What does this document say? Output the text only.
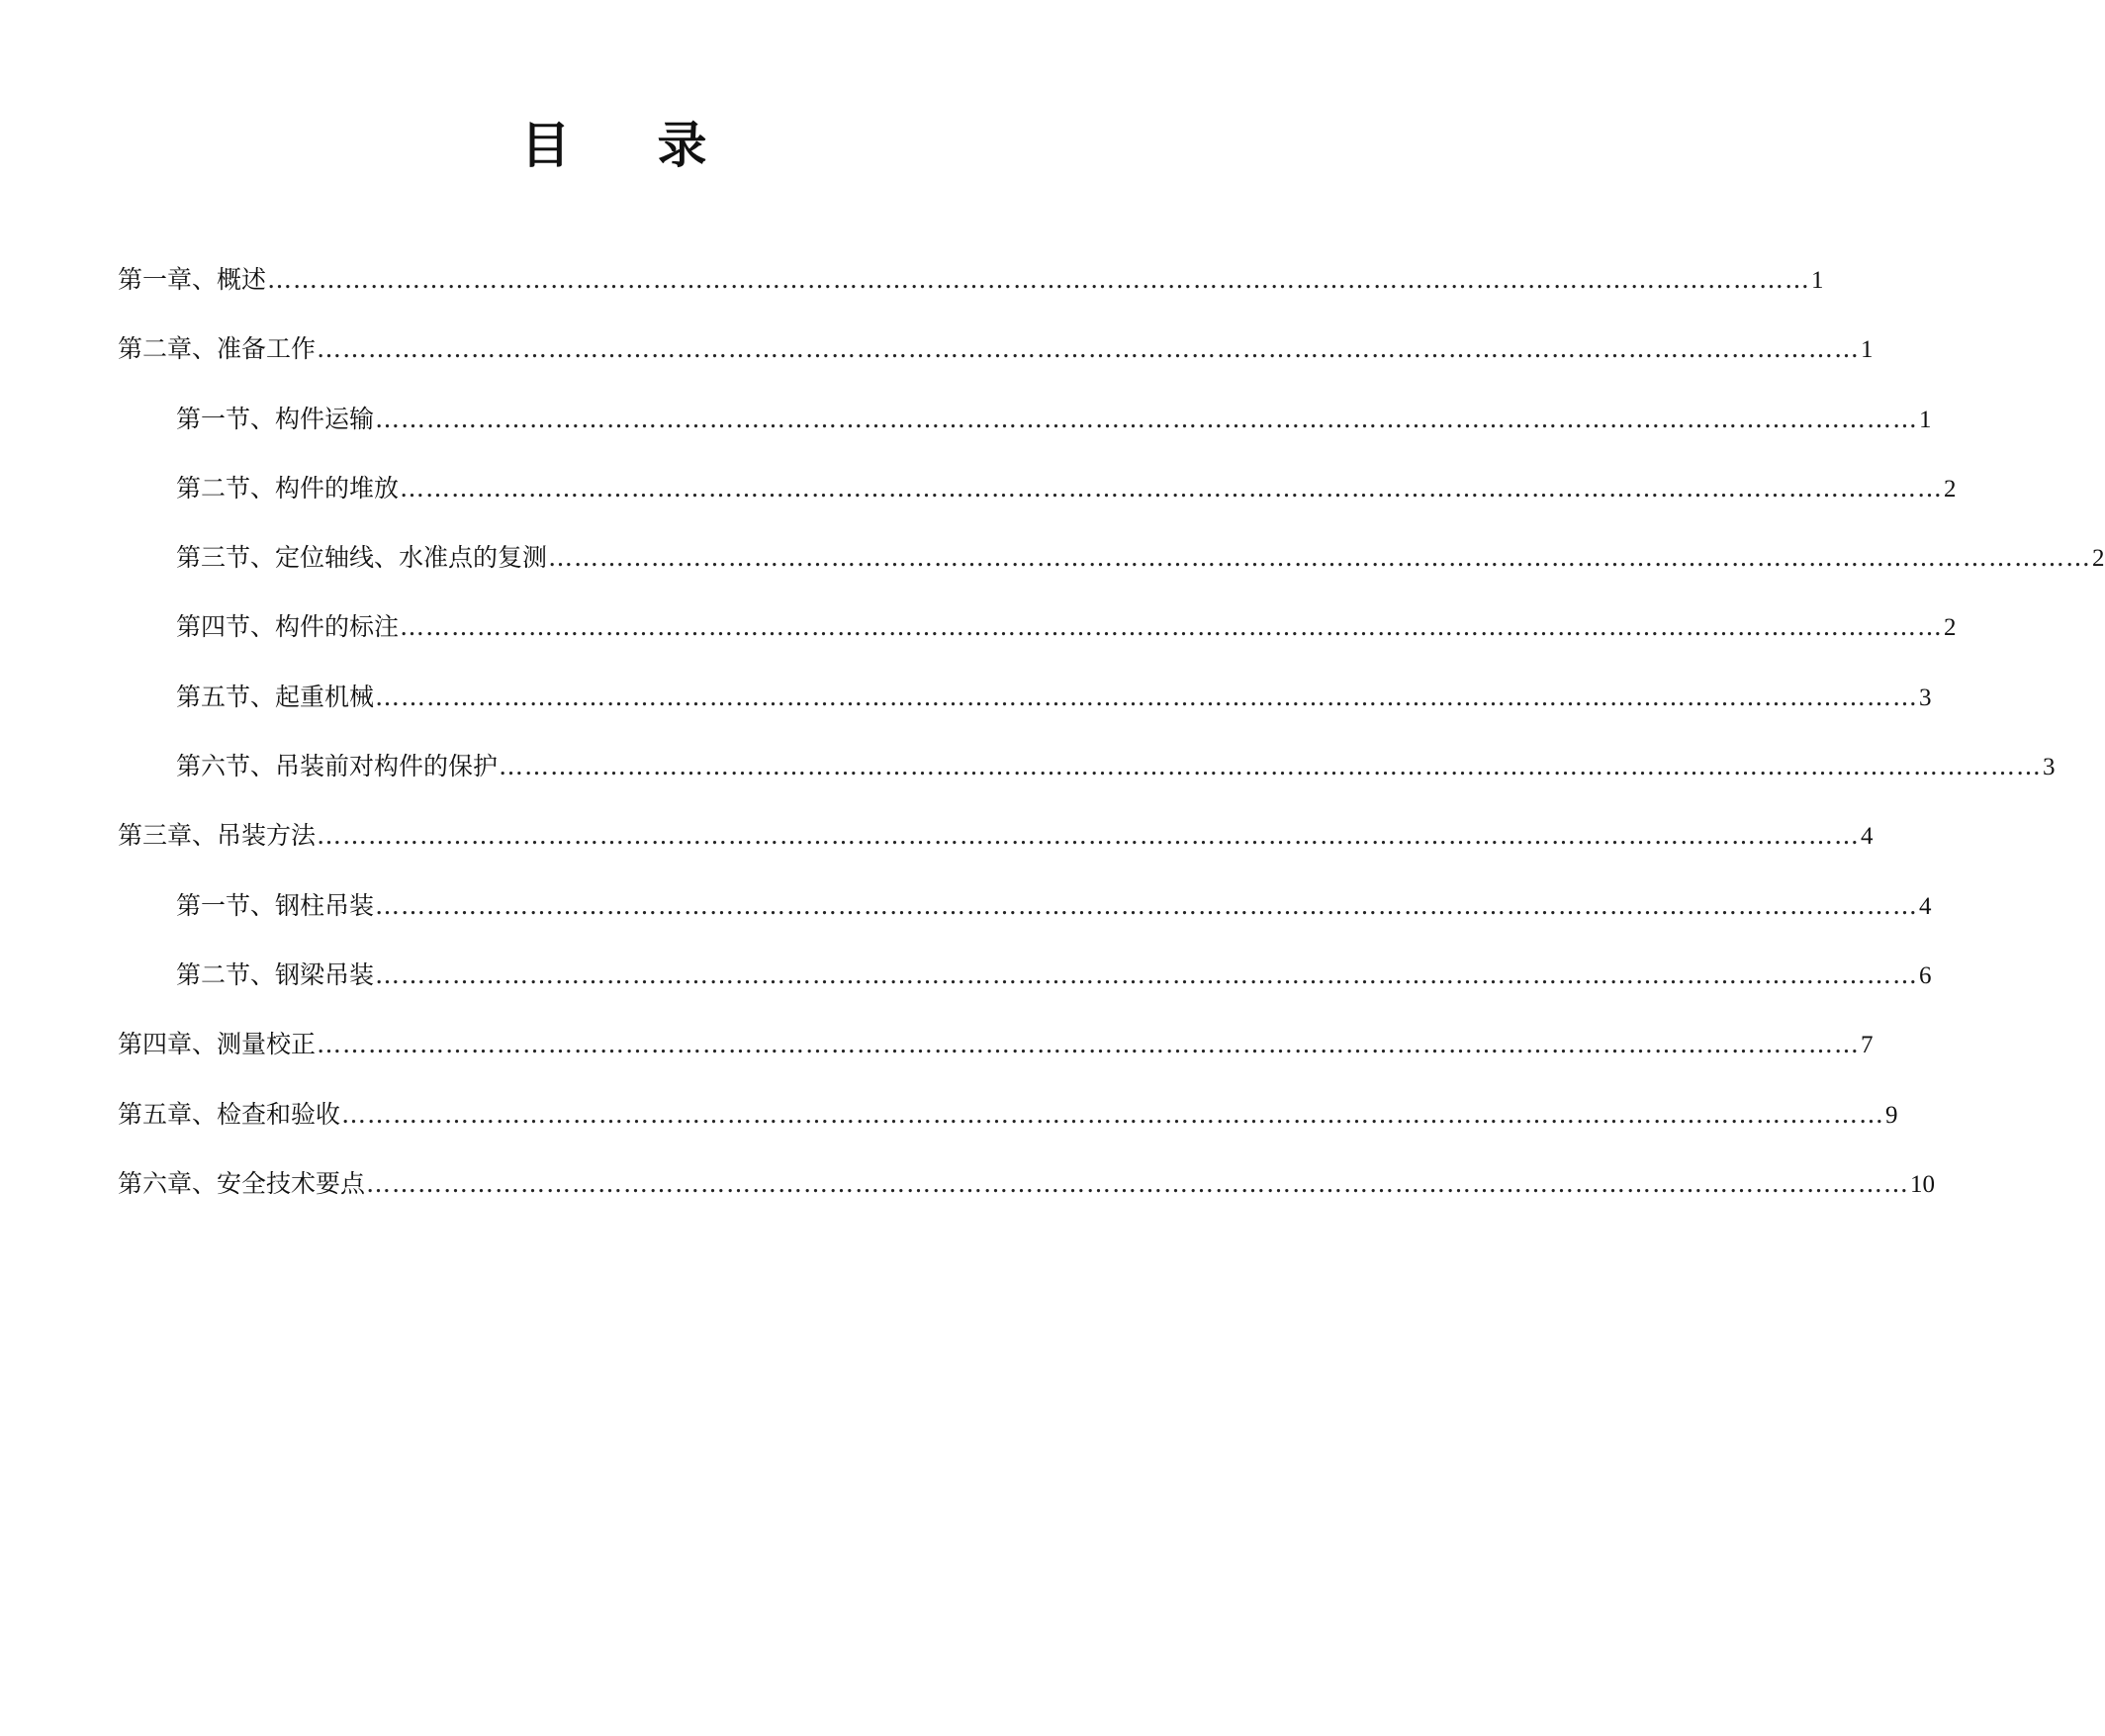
目录
第一章、概述 ……………………………………………………………………………………………………………………………………………………………… 1
第二章、准备工作 ……………………………………………………………………………………………………………………………………………………………… 1
第一节、构件运输 ……………………………………………………………………………………………………………………………………………………………… 1
第二节、构件的堆放 ……………………………………………………………………………………………………………………………………………………………… 2
第三节、定位轴线、水准点的复测 ……………………………………………………………………………………………………………………………………………………………… 2
第四节、构件的标注 ……………………………………………………………………………………………………………………………………………………………… 2
第五节、起重机械 ……………………………………………………………………………………………………………………………………………………………… 3
第六节、吊装前对构件的保护 ……………………………………………………………………………………………………………………………………………………………… 3
第三章、吊装方法 ……………………………………………………………………………………………………………………………………………………………… 4
第一节、钢柱吊装 ……………………………………………………………………………………………………………………………………………………………… 4
第二节、钢梁吊装 ……………………………………………………………………………………………………………………………………………………………… 6
第四章、测量校正 ……………………………………………………………………………………………………………………………………………………………… 7
第五章、检查和验收 ……………………………………………………………………………………………………………………………………………………………… 9
第六章、安全技术要点 ……………………………………………………………………………………………………………………………………………………………… 10
